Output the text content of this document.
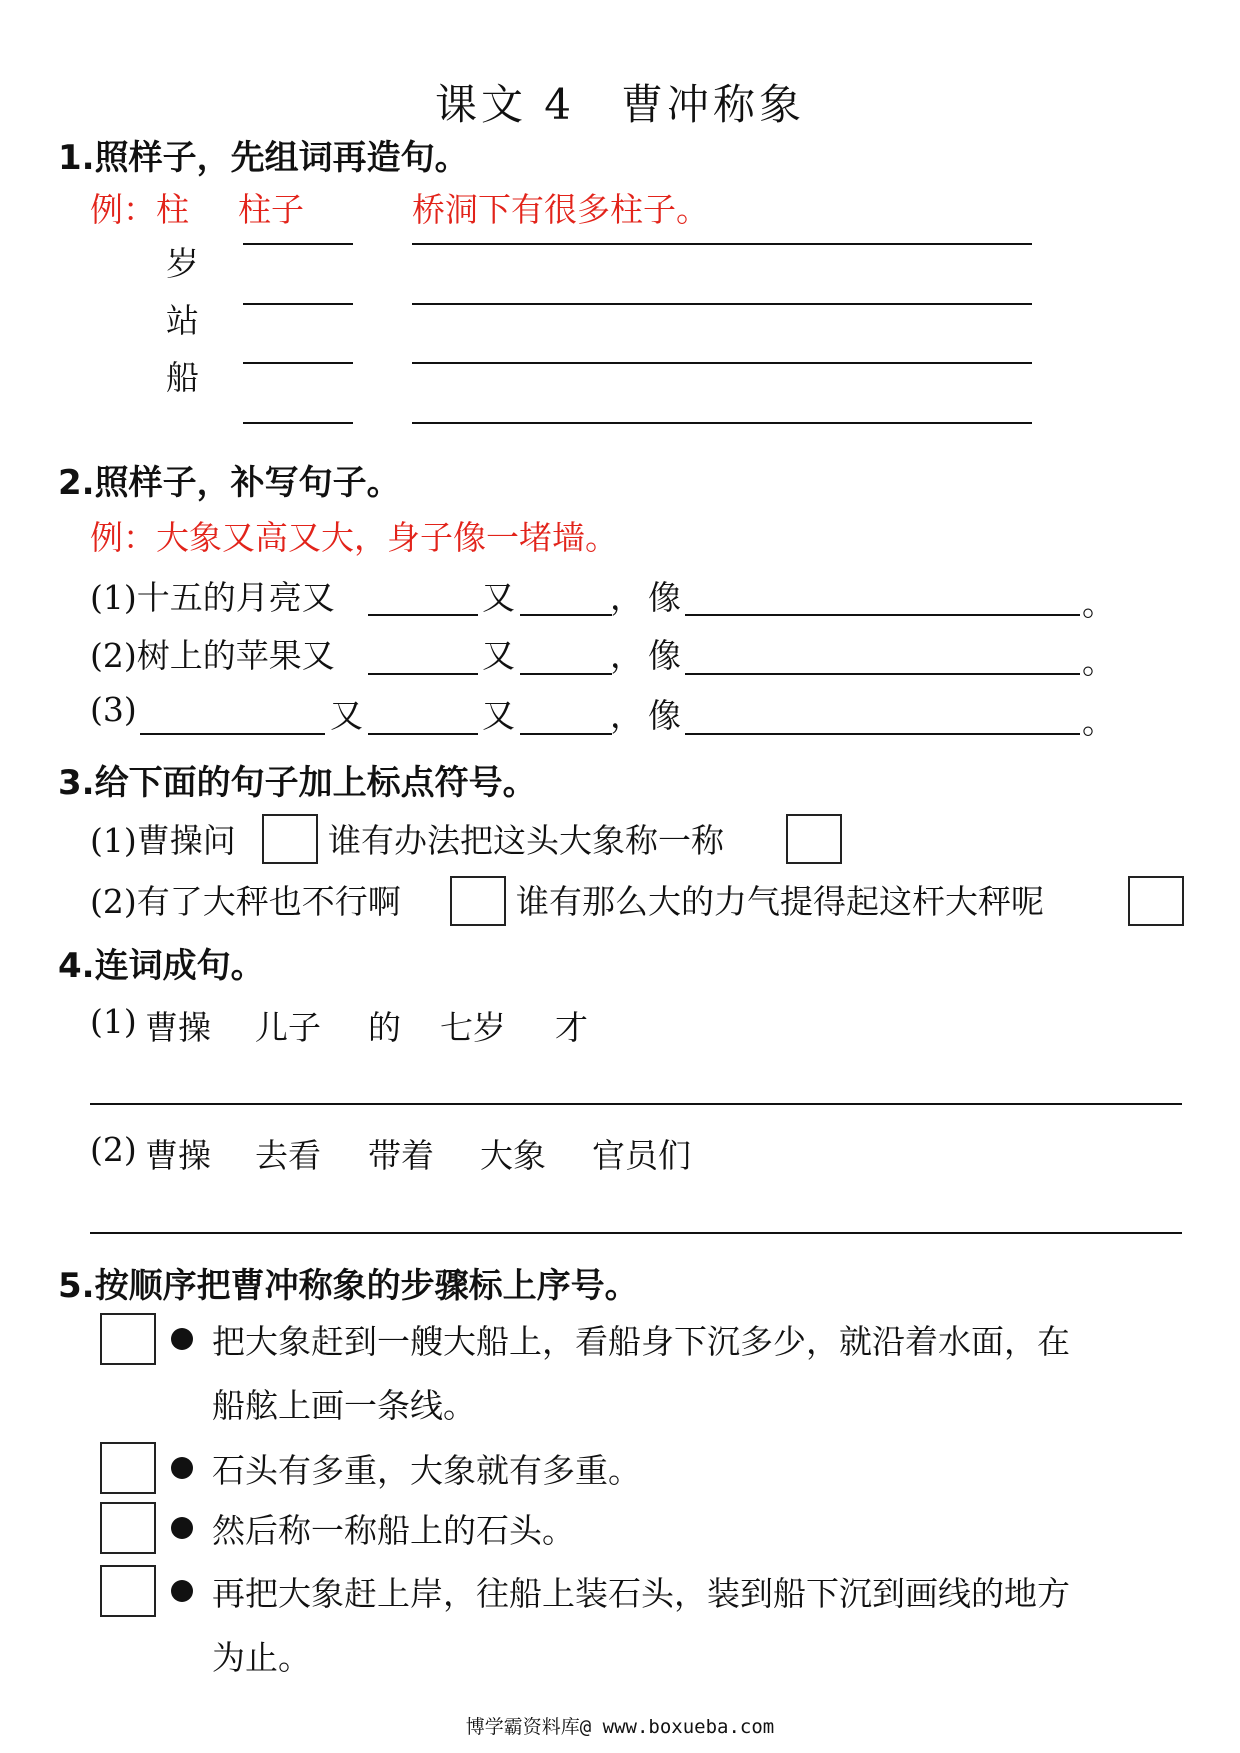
课文 4　曹冲称象
1.照样子，先组词再造句。
例：柱 柱子	桥洞下有很多柱子。
岁
站
船
2.照样子，补写句子。
例：大象又高又大，身子像一堵墙。
(1)十五的月亮又	又	， 像	。
(2)树上的苹果又	又	， 像	。
(3)	又	又	， 像	。
3.给下面的句子加上标点符号。
(1)曹操问	谁有办法把这头大象称一称
(2)有了大秤也不行啊	谁有那么大的力气提得起这杆大秤呢
4.连词成句。
(1) 曹操 儿子 的 七岁 才
(2) 曹操 去看 带着 大象 官员们
5.按顺序把曹冲称象的步骤标上序号。
把大象赶到一艘大船上，看船身下沉多少，就沿着水面，在
船舷上画一条线。
石头有多重，大象就有多重。
然后称一称船上的石头。
再把大象赶上岸，往船上装石头，装到船下沉到画线的地方
为止。
博学霸资料库@ www.boxueba.com
